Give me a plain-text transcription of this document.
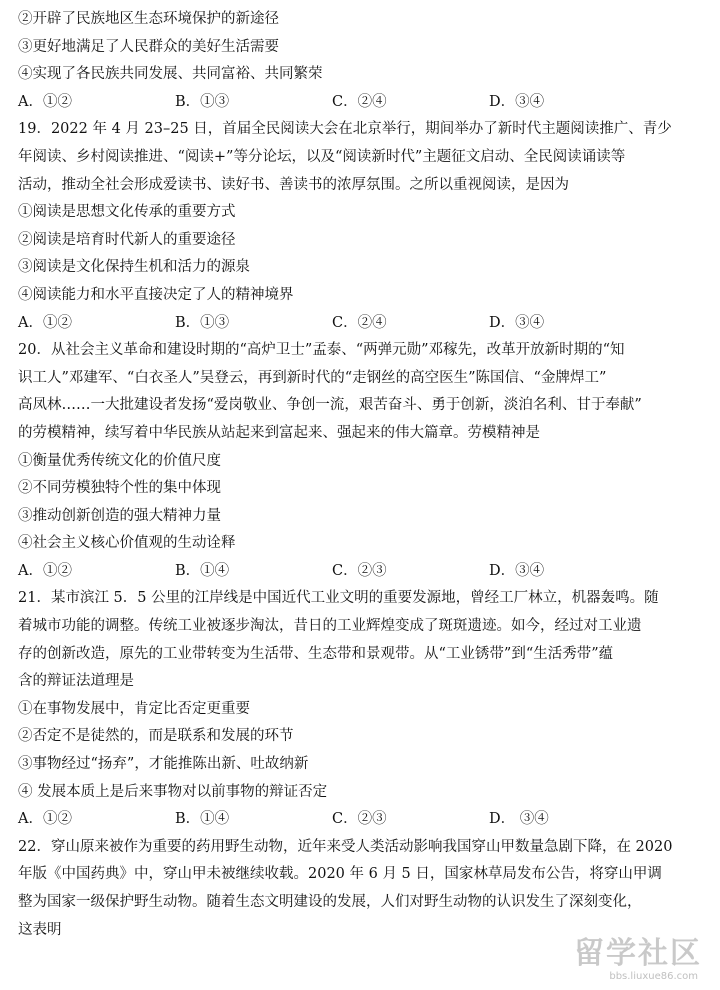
②开辟了民族地区生态环境保护的新途径
③更好地满足了人民群众的美好生活需要
④实现了各民族共同发展、共同富裕、共同繁荣
A．①②	B．①③	C．②④	D．③④
19．2022 年 4 月 23–25 日，首届全民阅读大会在北京举行，期间举办了新时代主题阅读推广、青少
年阅读、乡村阅读推进、“阅读+”等分论坛，以及“阅读新时代”主题征文启动、全民阅读诵读等
活动，推动全社会形成爱读书、读好书、善读书的浓厚氛围。之所以重视阅读，是因为
①阅读是思想文化传承的重要方式
②阅读是培育时代新人的重要途径
③阅读是文化保持生机和活力的源泉
④阅读能力和水平直接决定了人的精神境界
A．①②	B．①③	C．②④	D．③④
20．从社会主义革命和建设时期的“高炉卫士”孟泰、“两弹元勋”邓稼先，改革开放新时期的“知
识工人”邓建军、“白衣圣人”吴登云，再到新时代的“走钢丝的高空医生”陈国信、“金牌焊工”
高凤林……一大批建设者发扬“爱岗敬业、争创一流，艰苦奋斗、勇于创新，淡泊名利、甘于奉献”
的劳模精神，续写着中华民族从站起来到富起来、强起来的伟大篇章。劳模精神是
①衡量优秀传统文化的价值尺度
②不同劳模独特个性的集中体现
③推动创新创造的强大精神力量
④社会主义核心价值观的生动诠释
A．①②	B．①④	C．②③	D．③④
21．某市滨江 5．5 公里的江岸线是中国近代工业文明的重要发源地，曾经工厂林立，机器轰鸣。随
着城市功能的调整。传统工业被逐步淘汰，昔日的工业辉煌变成了斑斑遗迹。如今，经过对工业遗
存的创新改造，原先的工业带转变为生活带、生态带和景观带。从“工业锈带”到“生活秀带”蕴
含的辩证法道理是
①在事物发展中，肯定比否定更重要
②否定不是徒然的，而是联系和发展的环节
③事物经过“扬弃”，才能推陈出新、吐故纳新
④ 发展本质上是后来事物对以前事物的辩证否定
A．①②	B．①④	C．②③	D． ③④
22．穿山原来被作为重要的药用野生动物，近年来受人类活动影响我国穿山甲数量急剧下降，在 2020
年版《中国药典》中，穿山甲未被继续收载。2020 年 6 月 5 日，国家林草局发布公告，将穿山甲调
整为国家一级保护野生动物。随着生态文明建设的发展，人们对野生动物的认识发生了深刻变化，
这表明
留学社区
bbs.liuxue86.com
